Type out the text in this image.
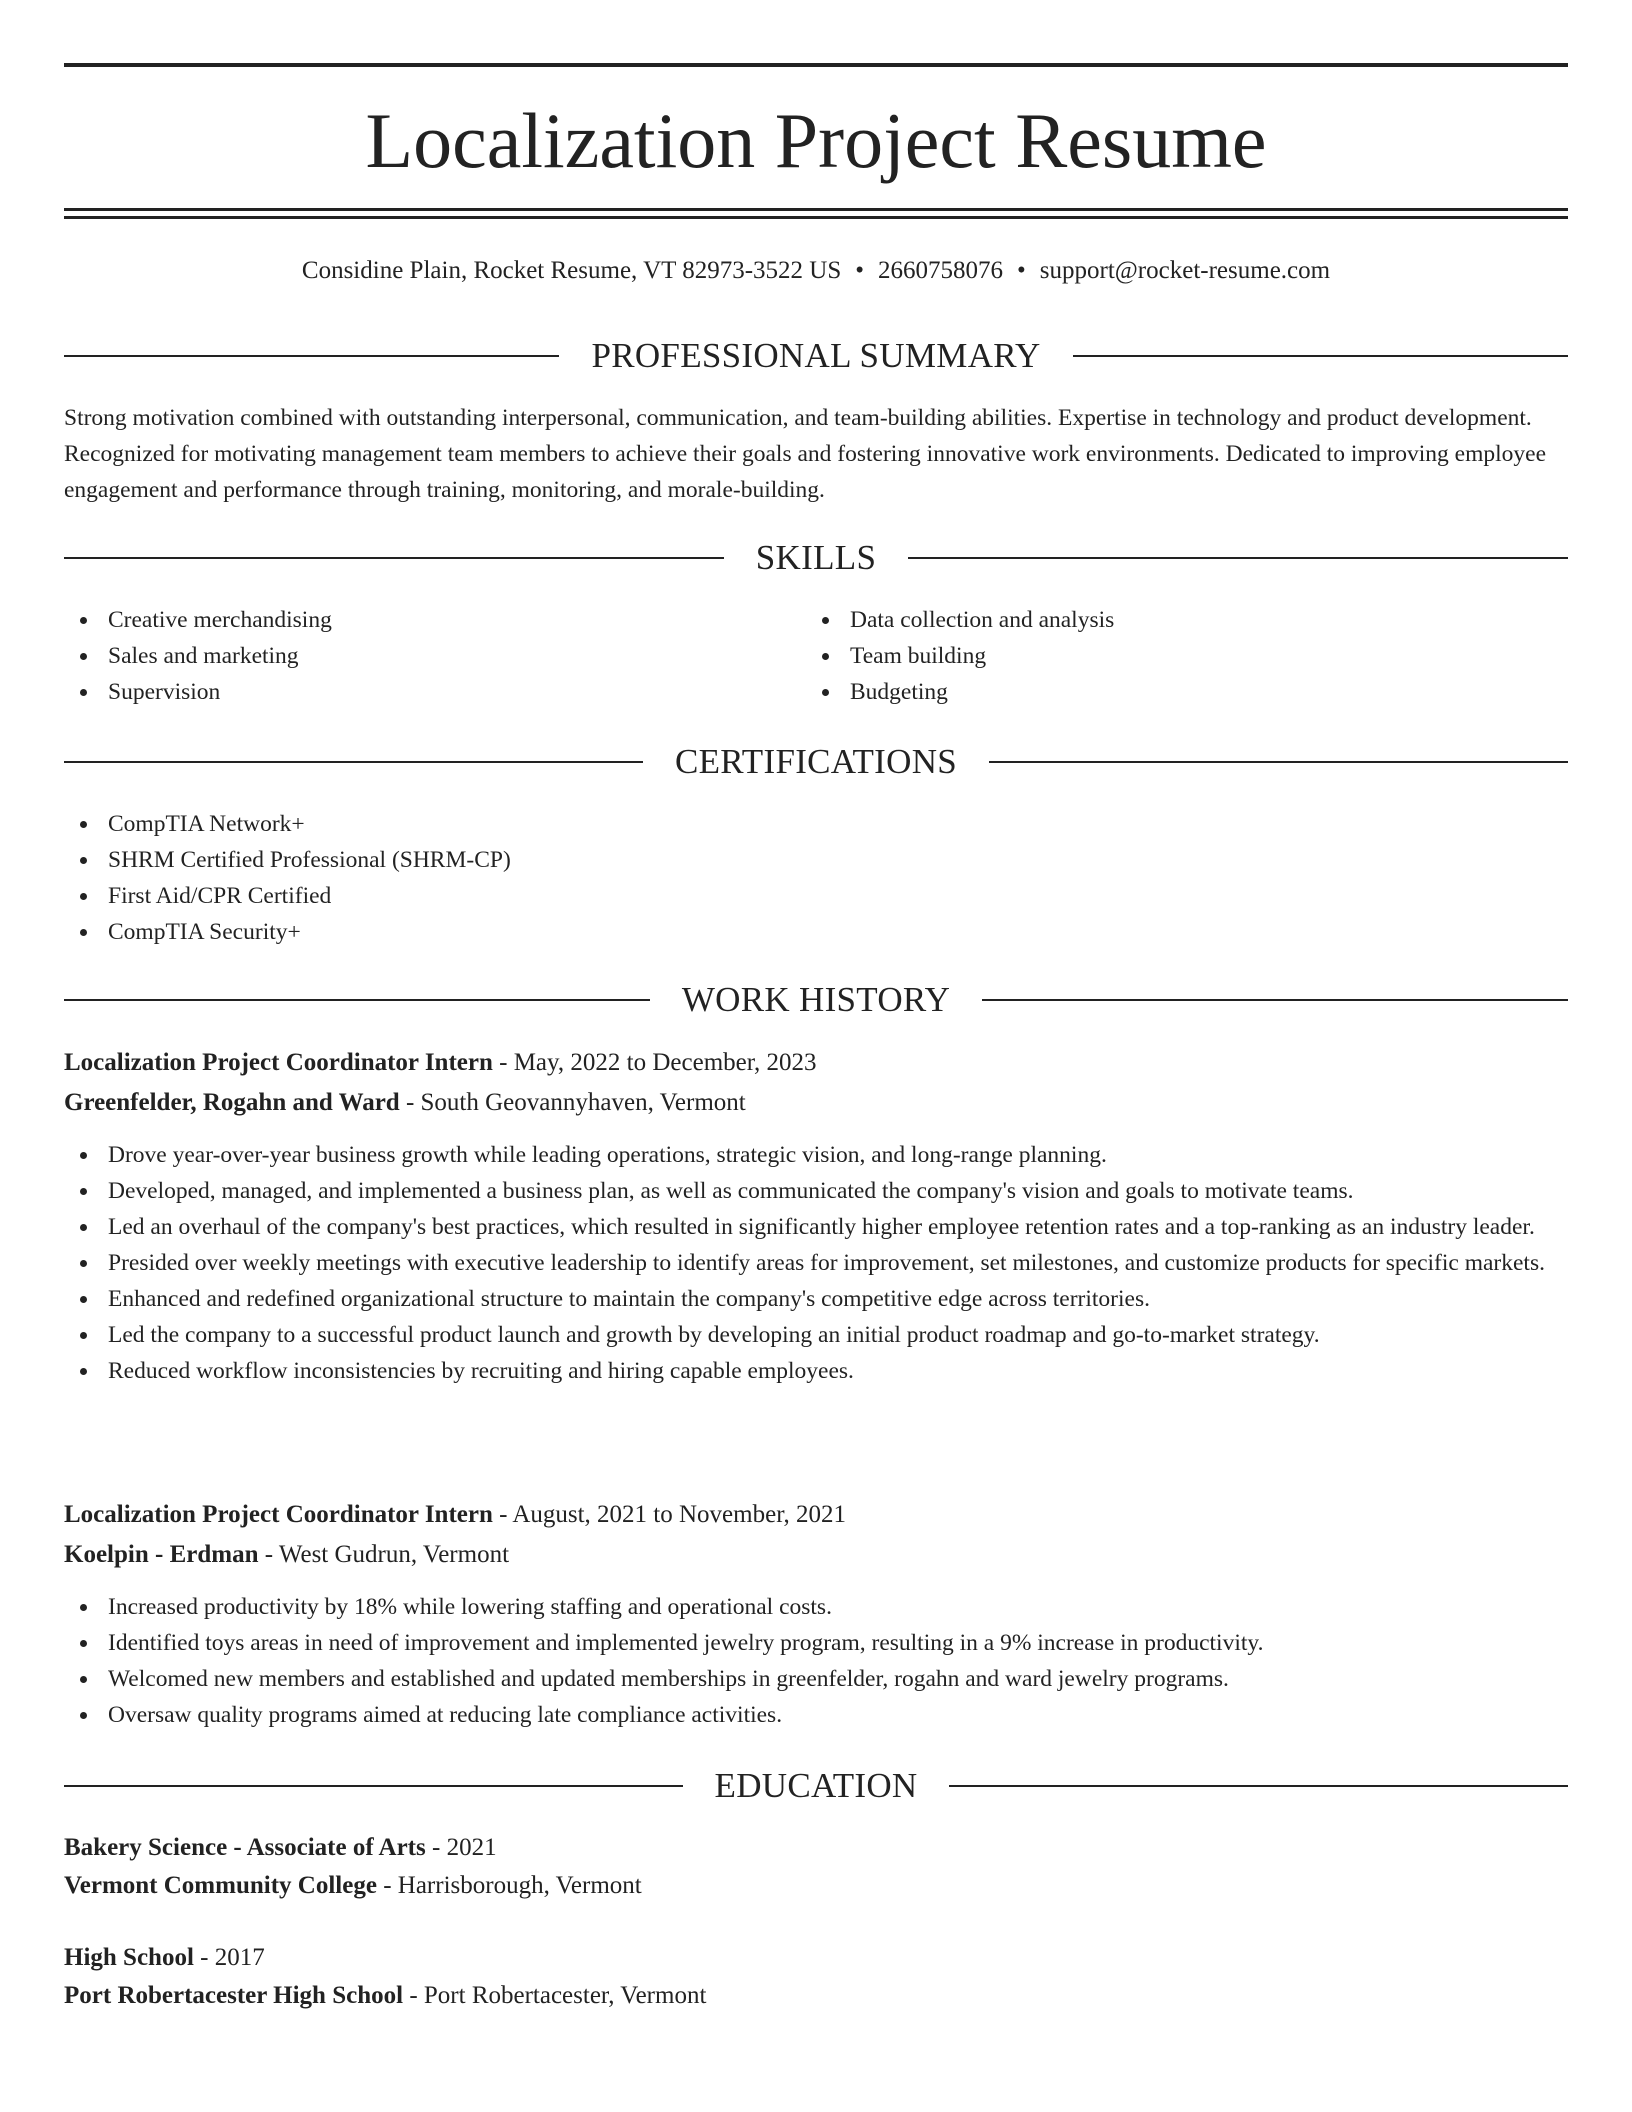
Localization Project Resume
Considine Plain, Rocket Resume, VT 82973-3522 US • 2660758076 • support@rocket-resume.com
PROFESSIONAL SUMMARY

Strong motivation combined with outstanding interpersonal, communication, and team-building abilities. Expertise in technology and product development. Recognized for motivating management team members to achieve their goals and fostering innovative work environments. Dedicated to improving employee engagement and performance through training, monitoring, and morale-building.

SKILLS
Creative merchandising
Sales and marketing
Supervision
Data collection and analysis
Team building
Budgeting
CERTIFICATIONS
CompTIA Network+
SHRM Certified Professional (SHRM-CP)
First Aid/CPR Certified
CompTIA Security+
WORK HISTORY
Localization Project Coordinator Intern - May, 2022 to December, 2023
Greenfelder, Rogahn and Ward - South Geovannyhaven, Vermont
Drove year-over-year business growth while leading operations, strategic vision, and long-range planning.
Developed, managed, and implemented a business plan, as well as communicated the company's vision and goals to motivate teams.
Led an overhaul of the company's best practices, which resulted in significantly higher employee retention rates and a top-ranking as an industry leader.
Presided over weekly meetings with executive leadership to identify areas for improvement, set milestones, and customize products for specific markets.
Enhanced and redefined organizational structure to maintain the company's competitive edge across territories.
Led the company to a successful product launch and growth by developing an initial product roadmap and go-to-market strategy.
Reduced workflow inconsistencies by recruiting and hiring capable employees.
Localization Project Coordinator Intern - August, 2021 to November, 2021
Koelpin - Erdman - West Gudrun, Vermont
Increased productivity by 18% while lowering staffing and operational costs.
Identified toys areas in need of improvement and implemented jewelry program, resulting in a 9% increase in productivity.
Welcomed new members and established and updated memberships in greenfelder, rogahn and ward jewelry programs.
Oversaw quality programs aimed at reducing late compliance activities.
EDUCATION
Bakery Science - Associate of Arts - 2021
Vermont Community College - Harrisborough, Vermont
High School - 2017
Port Robertacester High School - Port Robertacester, Vermont
